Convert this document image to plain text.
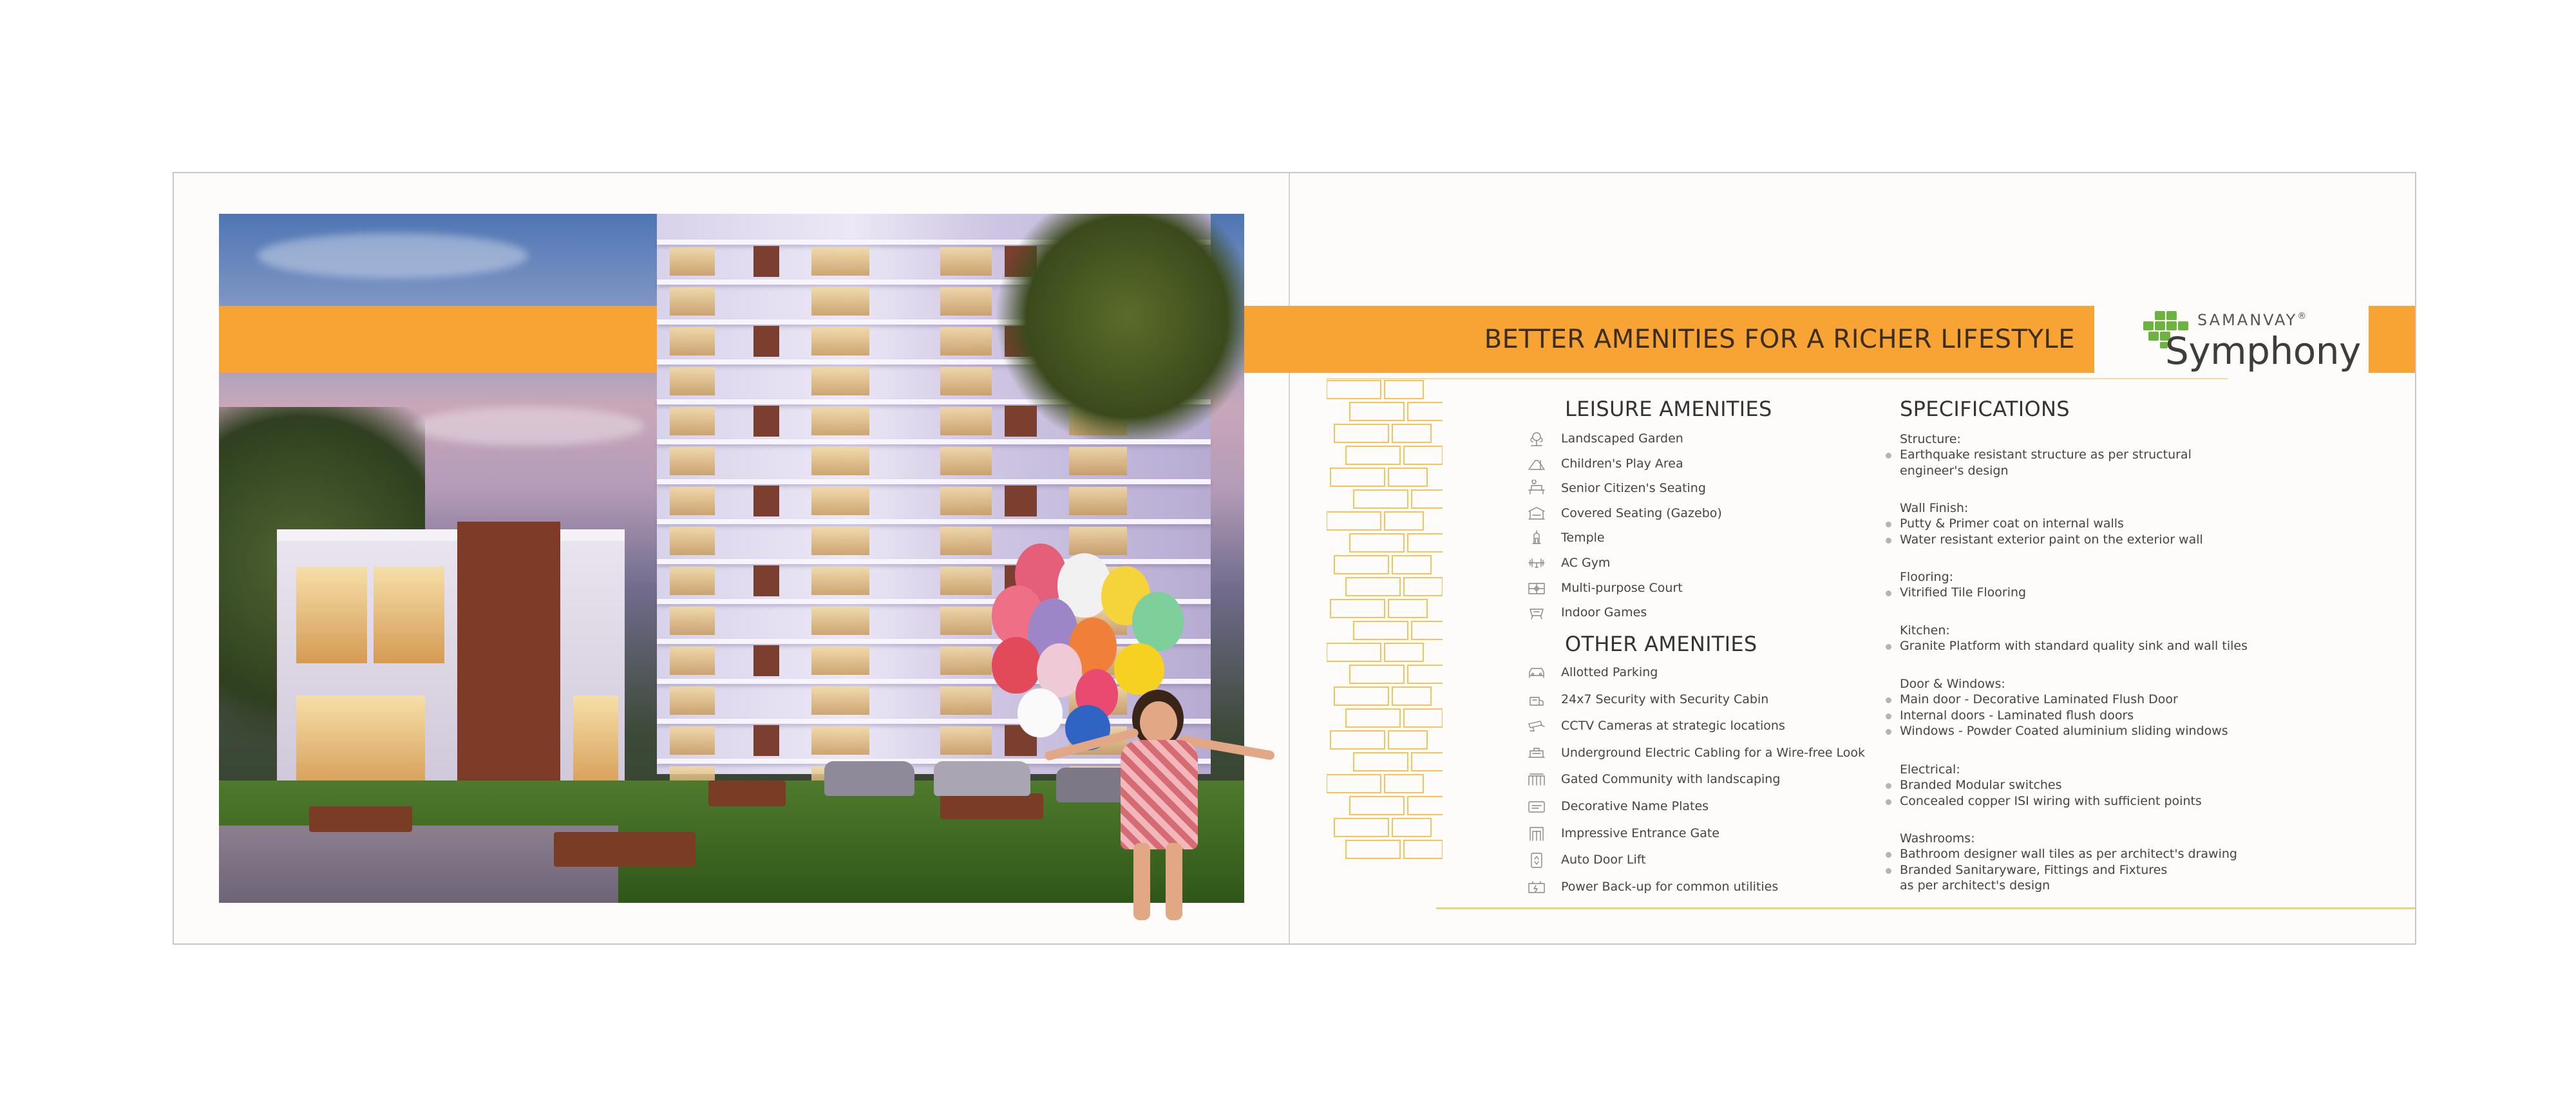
BETTER AMENITIES FOR A RICHER LIFESTYLE
SAMANVAY®
Symphony
LEISURE AMENITIES
Landscaped Garden
Children's Play Area
Senior Citizen's Seating
Covered Seating (Gazebo)
Temple
AC Gym
Multi-purpose Court
Indoor Games
OTHER AMENITIES
Allotted Parking
24x7 Security with Security Cabin
CCTV Cameras at strategic locations
Underground Electric Cabling for a Wire-free Look
Gated Community with landscaping
Decorative Name Plates
Impressive Entrance Gate
Auto Door Lift
Power Back-up for common utilities
SPECIFICATIONS
Structure:
Earthquake resistant structure as per structural
engineer's design
Wall Finish:
Putty & Primer coat on internal walls
Water resistant exterior paint on the exterior wall
Flooring:
Vitrified Tile Flooring
Kitchen:
Granite Platform with standard quality sink and wall tiles
Door & Windows:
Main door - Decorative Laminated Flush Door
Internal doors - Laminated flush doors
Windows - Powder Coated aluminium sliding windows
Electrical:
Branded Modular switches
Concealed copper ISI wiring with sufficient points
Washrooms:
Bathroom designer wall tiles as per architect's drawing
Branded Sanitaryware, Fittings and Fixtures
as per architect's design
